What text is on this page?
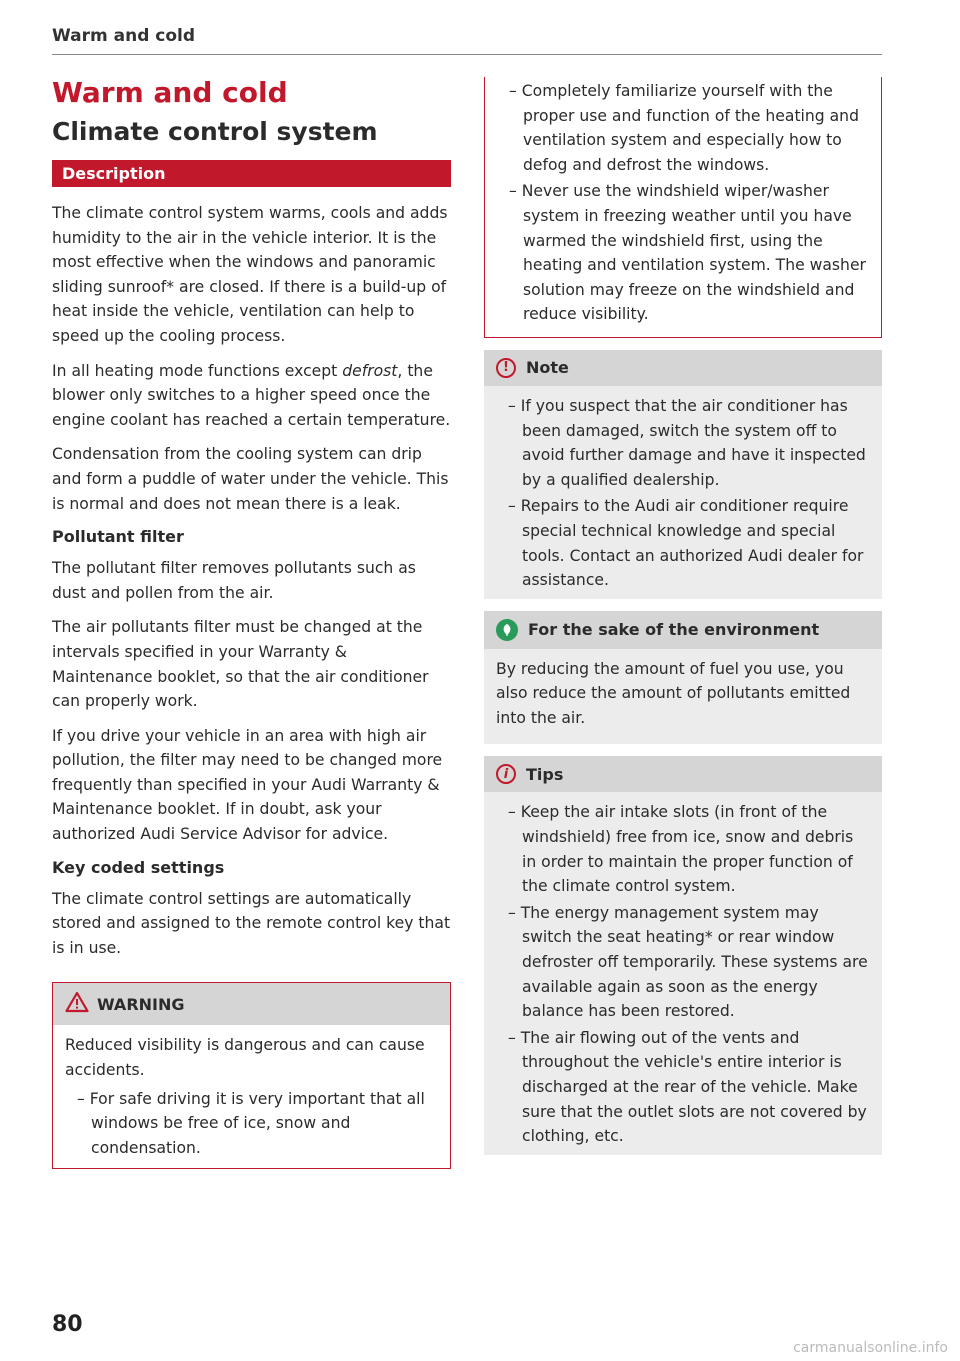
Warm and cold
Warm and cold
Climate control system
Description

The climate control system warms, cools and adds humidity to the air in the vehicle interior. It is the most effective when the windows and panoramic sliding sunroof* are closed. If there is a build-up of heat inside the vehicle, ventilation can help to speed up the cooling process.

In all heating mode functions except defrost, the blower only switches to a higher speed once the engine coolant has reached a certain temperature.

Condensation from the cooling system can drip and form a puddle of water under the vehicle. This is normal and does not mean there is a leak.

Pollutant filter

The pollutant filter removes pollutants such as dust and pollen from the air.

The air pollutants filter must be changed at the intervals specified in your Warranty & Maintenance booklet, so that the air conditioner can properly work.

If you drive your vehicle in an area with high air pollution, the filter may need to be changed more frequently than specified in your Audi Warranty & Maintenance booklet. If in doubt, ask your authorized Audi Service Advisor for advice.

Key coded settings

The climate control settings are automatically stored and assigned to the remote control key that is in use.

WARNING

Reduced visibility is dangerous and can cause accidents.

– For safe driving it is very important that all windows be free of ice, snow and condensation.
– Completely familiarize yourself with the proper use and function of the heating and ventilation system and especially how to defog and defrost the windows.
– Never use the windshield wiper/washer system in freezing weather until you have warmed the windshield first, using the heating and ventilation system. The washer solution may freeze on the windshield and reduce visibility.
!	Note
– If you suspect that the air conditioner has been damaged, switch the system off to avoid further damage and have it inspected by a qualified dealership.
– Repairs to the Audi air conditioner require special technical knowledge and special tools. Contact an authorized Audi dealer for assistance.
For the sake of the environment

By reducing the amount of fuel you use, you also reduce the amount of pollutants emitted into the air.

i	Tips
– Keep the air intake slots (in front of the windshield) free from ice, snow and debris in order to maintain the proper function of the climate control system.
– The energy management system may switch the seat heating* or rear window defroster off temporarily. These systems are available again as soon as the energy balance has been restored.
– The air flowing out of the vents and throughout the vehicle's entire interior is discharged at the rear of the vehicle. Make sure that the outlet slots are not covered by clothing, etc.
80
carmanualsonline.info
